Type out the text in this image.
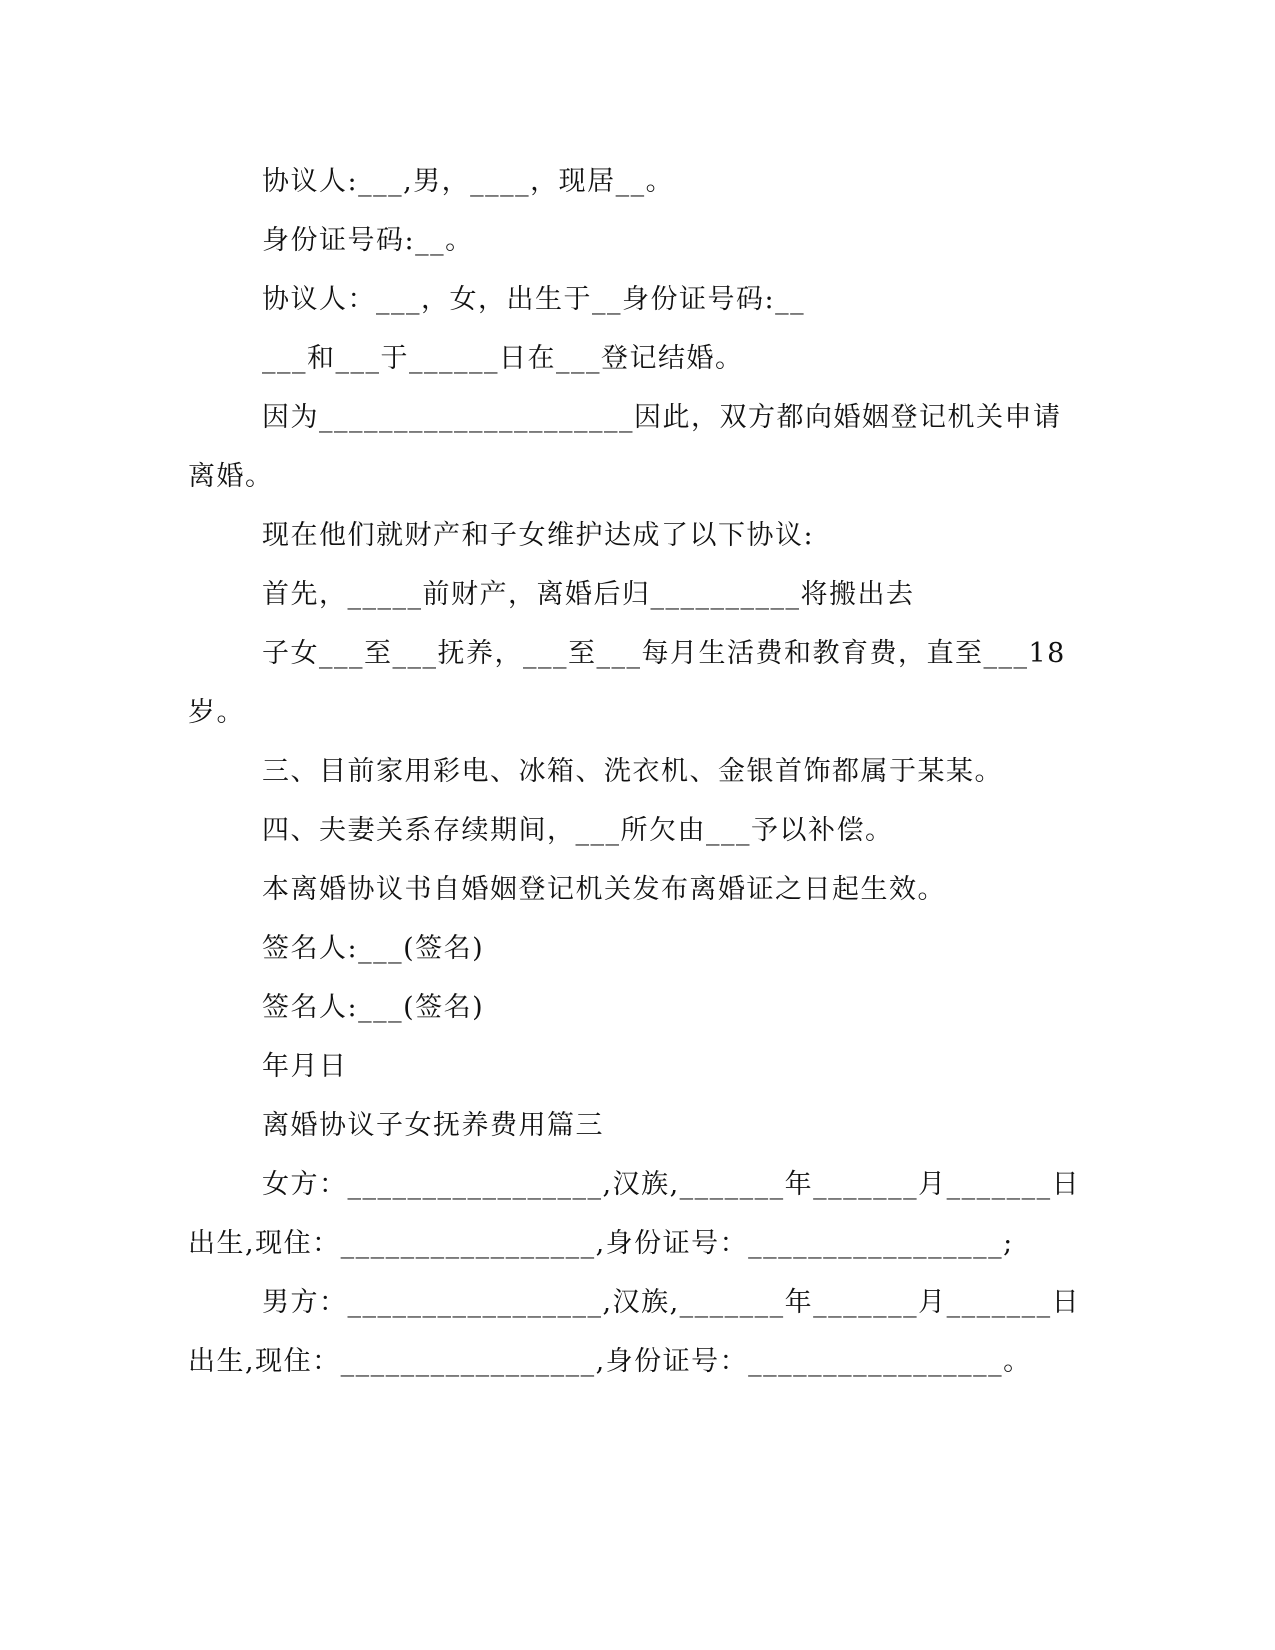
协议人:___,男，____，现居__。
身份证号码:__。
协议人：___，女，出生于__身份证号码:__
___和___于______日在___登记结婚。
因为_____________________因此，双方都向婚姻登记机关申请
离婚。
现在他们就财产和子女维护达成了以下协议:
首先，_____前财产，离婚后归__________将搬出去
子女___至___抚养，___至___每月生活费和教育费，直至___18
岁。
三、目前家用彩电、冰箱、洗衣机、金银首饰都属于某某。
四、夫妻关系存续期间，___所欠由___予以补偿。
本离婚协议书自婚姻登记机关发布离婚证之日起生效。
签名人:___(签名)
签名人:___(签名)
年月日
离婚协议子女抚养费用篇三
女方：_________________,汉族,_______年_______月_______日
出生,现住：_________________,身份证号：_________________;
男方：_________________,汉族,_______年_______月_______日
出生,现住：_________________,身份证号：_________________。
